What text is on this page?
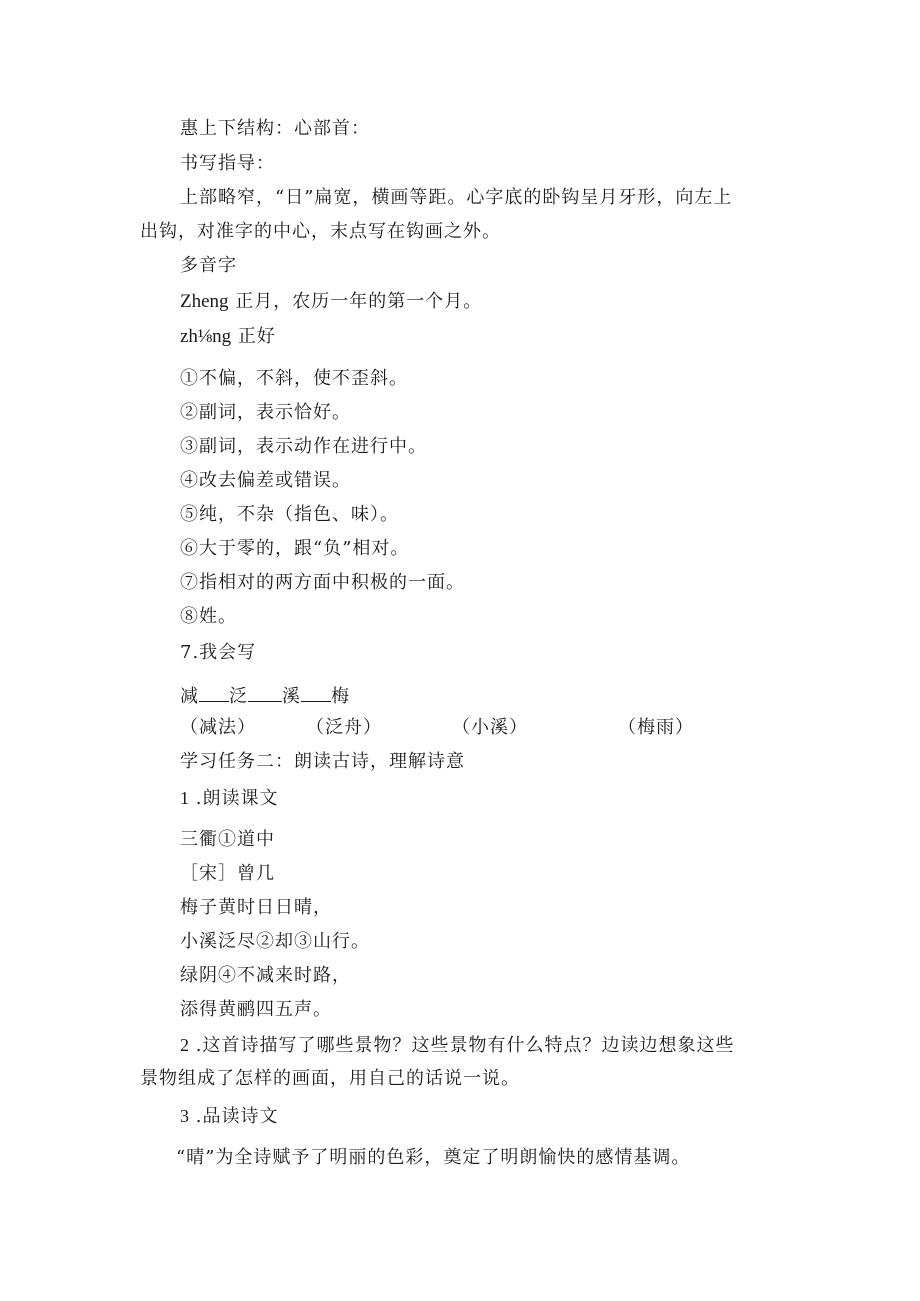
惠上下结构：心部首：
书写指导：
上部略窄，“日”扁宽，横画等距。心字底的卧钩呈月牙形，向左上
出钩，对准字的中心，末点写在钩画之外。
多音字
Zheng 正月，农历一年的第一个月。
zh⅛ng 正好
①不偏，不斜，使不歪斜。
②副词，表示恰好。
③副词，表示动作在进行中。
④改去偏差或错误。
⑤纯，不杂（指色、味）。
⑥大于零的，跟“负”相对。
⑦指相对的两方面中积极的一面。
⑧姓。
7.我会写
减 泛 溪 梅
（减法）	（泛舟）	（小溪）	（梅雨）
学习任务二：朗读古诗，理解诗意
1 .朗读课文
三衢①道中
［宋］曾几
梅子黄时日日晴，
小溪泛尽②却③山行。
绿阴④不减来时路，
添得黄鹂四五声。
2 .这首诗描写了哪些景物？这些景物有什么特点？边读边想象这些
景物组成了怎样的画面，用自己的话说一说。
3 .品读诗文
“晴”为全诗赋予了明丽的色彩，奠定了明朗愉快的感情基调。
